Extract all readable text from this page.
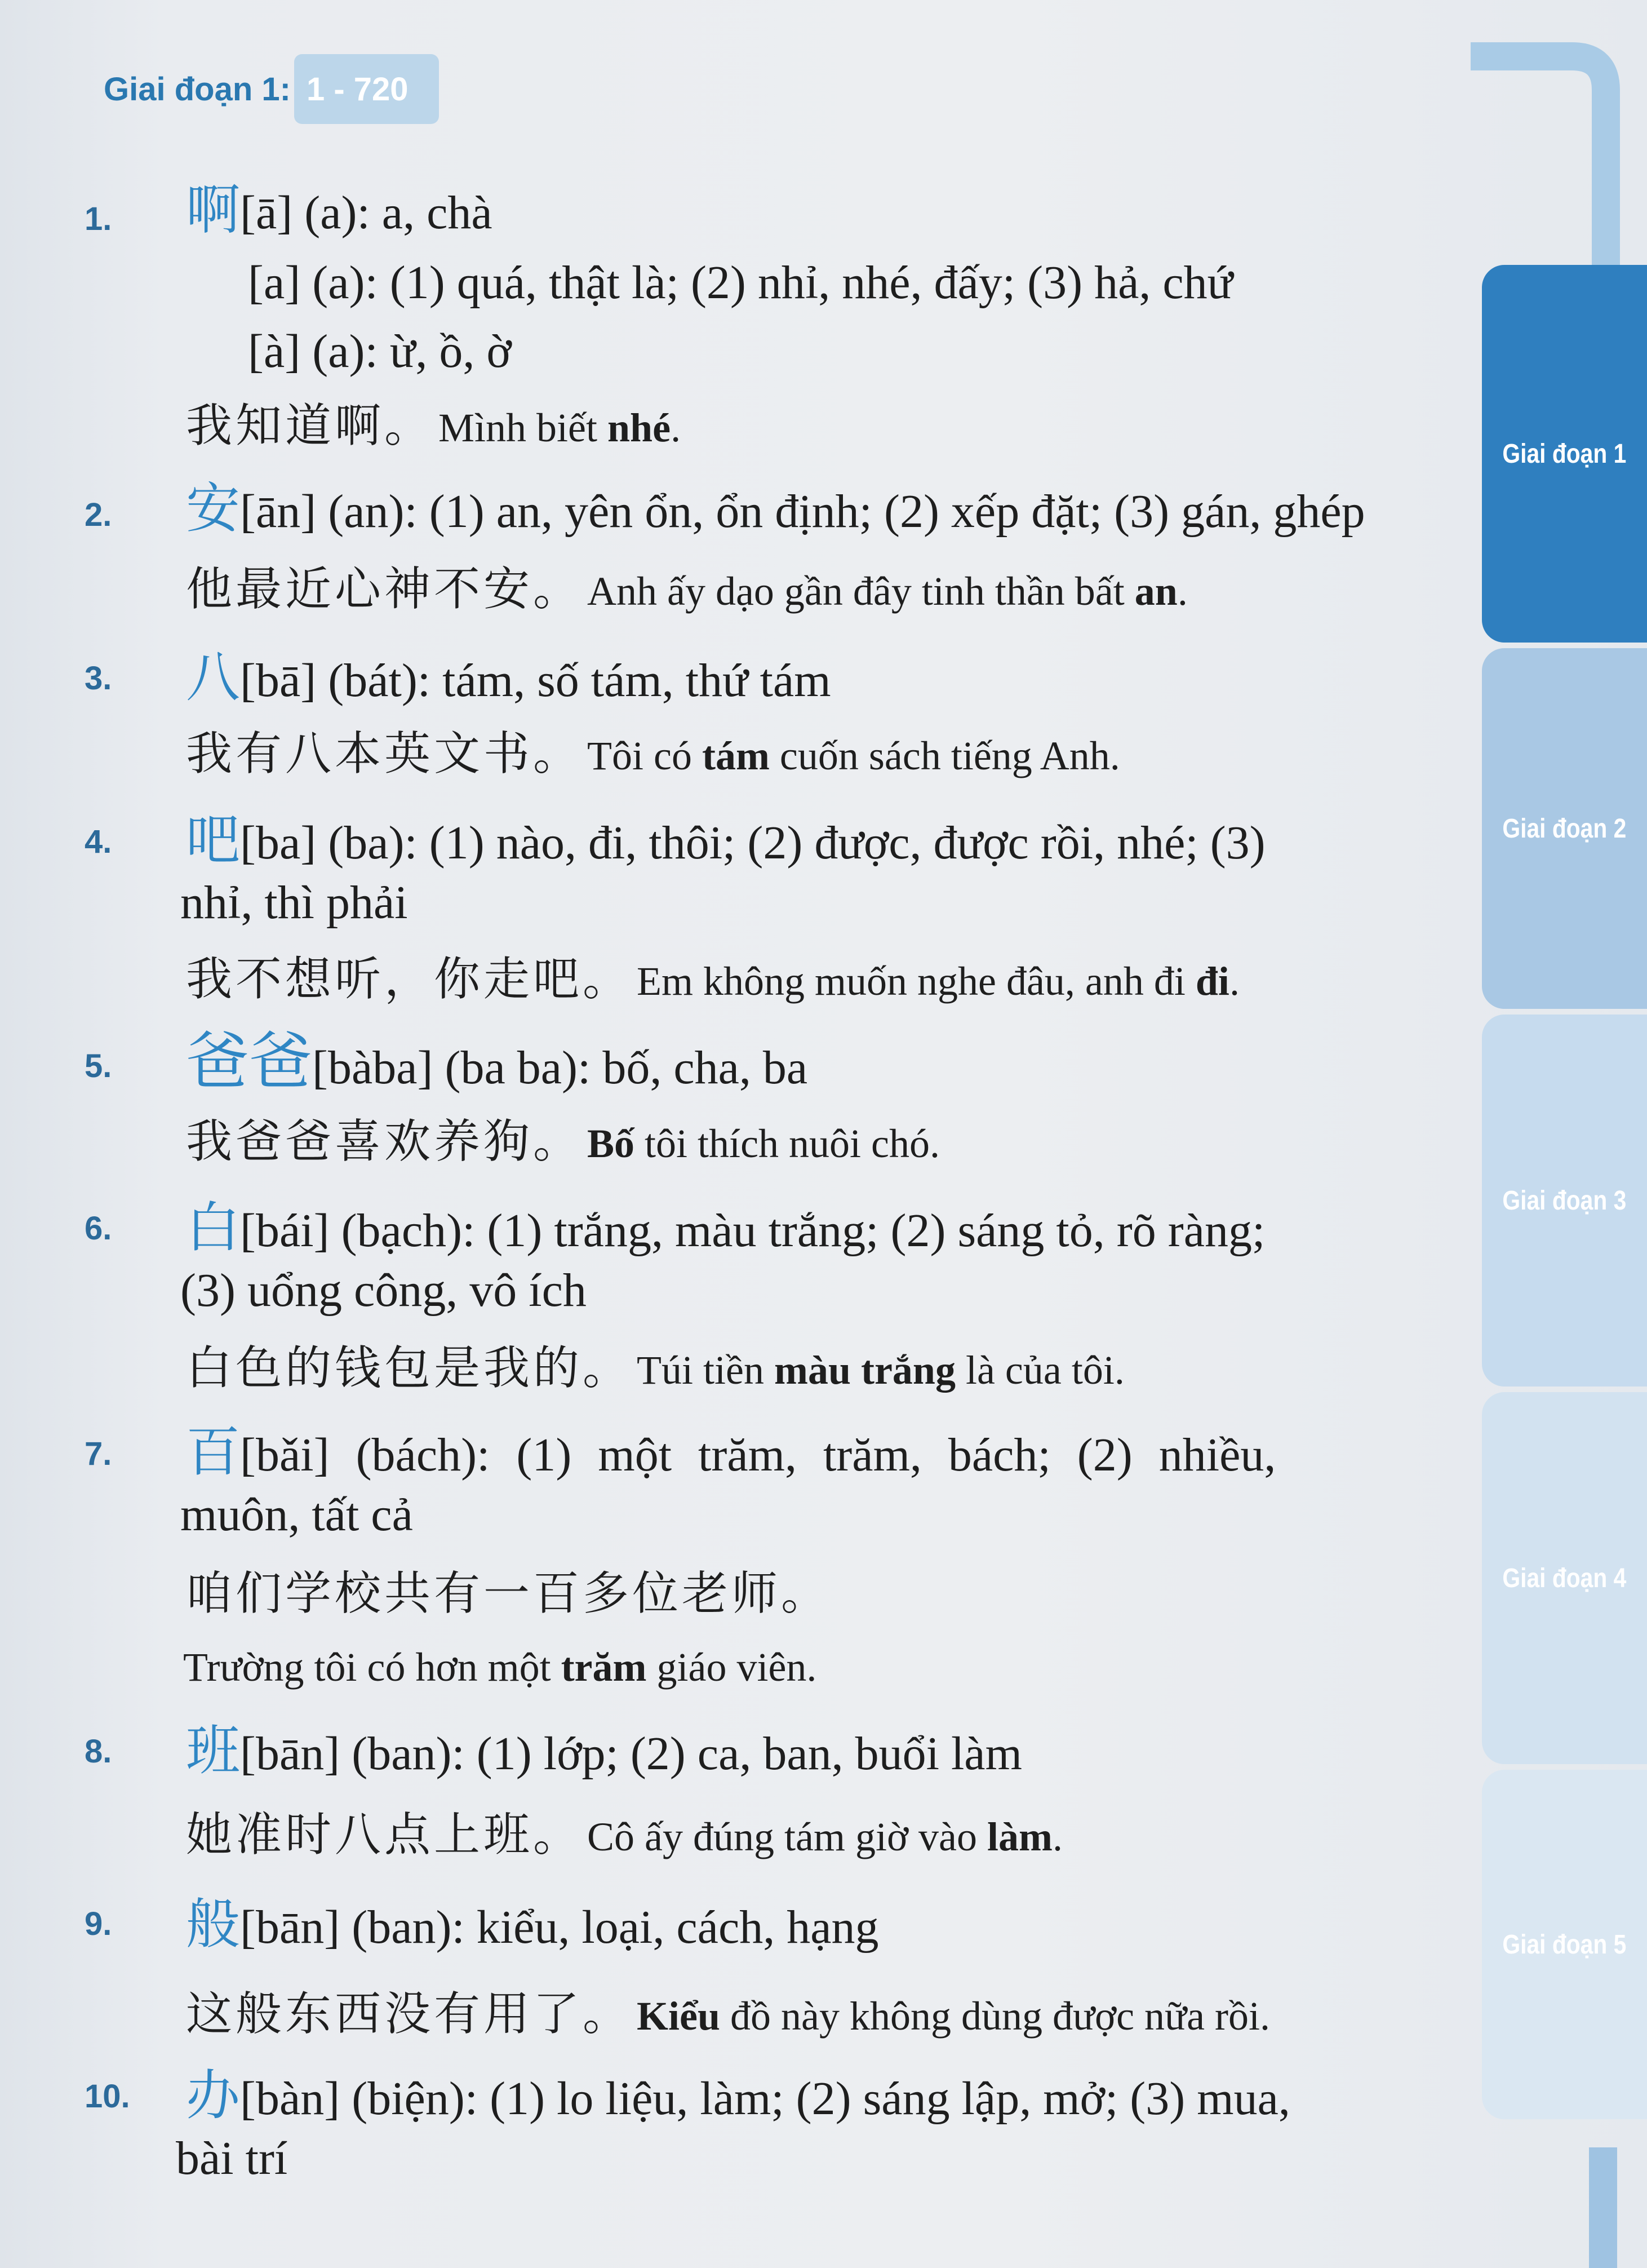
Giai đoạn 1: 1 - 720
1. 啊[ā] (a): a, chà
[a] (a): (1) quá, thật là; (2) nhỉ, nhé, đấy; (3) hả, chứ
[à] (a): ừ, ồ, ờ
我知道啊。 Mình biết nhé.
2. 安[ān] (an): (1) an, yên ổn, ổn định; (2) xếp đặt; (3) gán, ghép
他最近心神不安。 Anh ấy dạo gần đây tinh thần bất an.
3. 八[bā] (bát): tám, số tám, thứ tám
我有八本英文书。 Tôi có tám cuốn sách tiếng Anh.
4. 吧[ba] (ba): (1) nào, đi, thôi; (2) được, được rồi, nhé; (3)
nhỉ, thì phải
我不想听，你走吧。 Em không muốn nghe đâu, anh đi đi.
5. 爸爸[bàba] (ba ba): bố, cha, ba
我爸爸喜欢养狗。 Bố tôi thích nuôi chó.
6. 白[bái] (bạch): (1) trắng, màu trắng; (2) sáng tỏ, rõ ràng;
(3) uổng công, vô ích
白色的钱包是我的。 Túi tiền màu trắng là của tôi.
7. 百[bǎi] (bách): (1) một trăm, trăm, bách; (2) nhiều,
muôn, tất cả
咱们学校共有一百多位老师。
Trường tôi có hơn một trăm giáo viên.
8. 班[bān] (ban): (1) lớp; (2) ca, ban, buổi làm
她准时八点上班。 Cô ấy đúng tám giờ vào làm.
9. 般[bān] (ban): kiểu, loại, cách, hạng
这般东西没有用了。 Kiểu đồ này không dùng được nữa rồi.
10. 办[bàn] (biện): (1) lo liệu, làm; (2) sáng lập, mở; (3) mua,
bài trí
Giai đoạn 1
Giai đoạn 2
Giai đoạn 3
Giai đoạn 4
Giai đoạn 5
